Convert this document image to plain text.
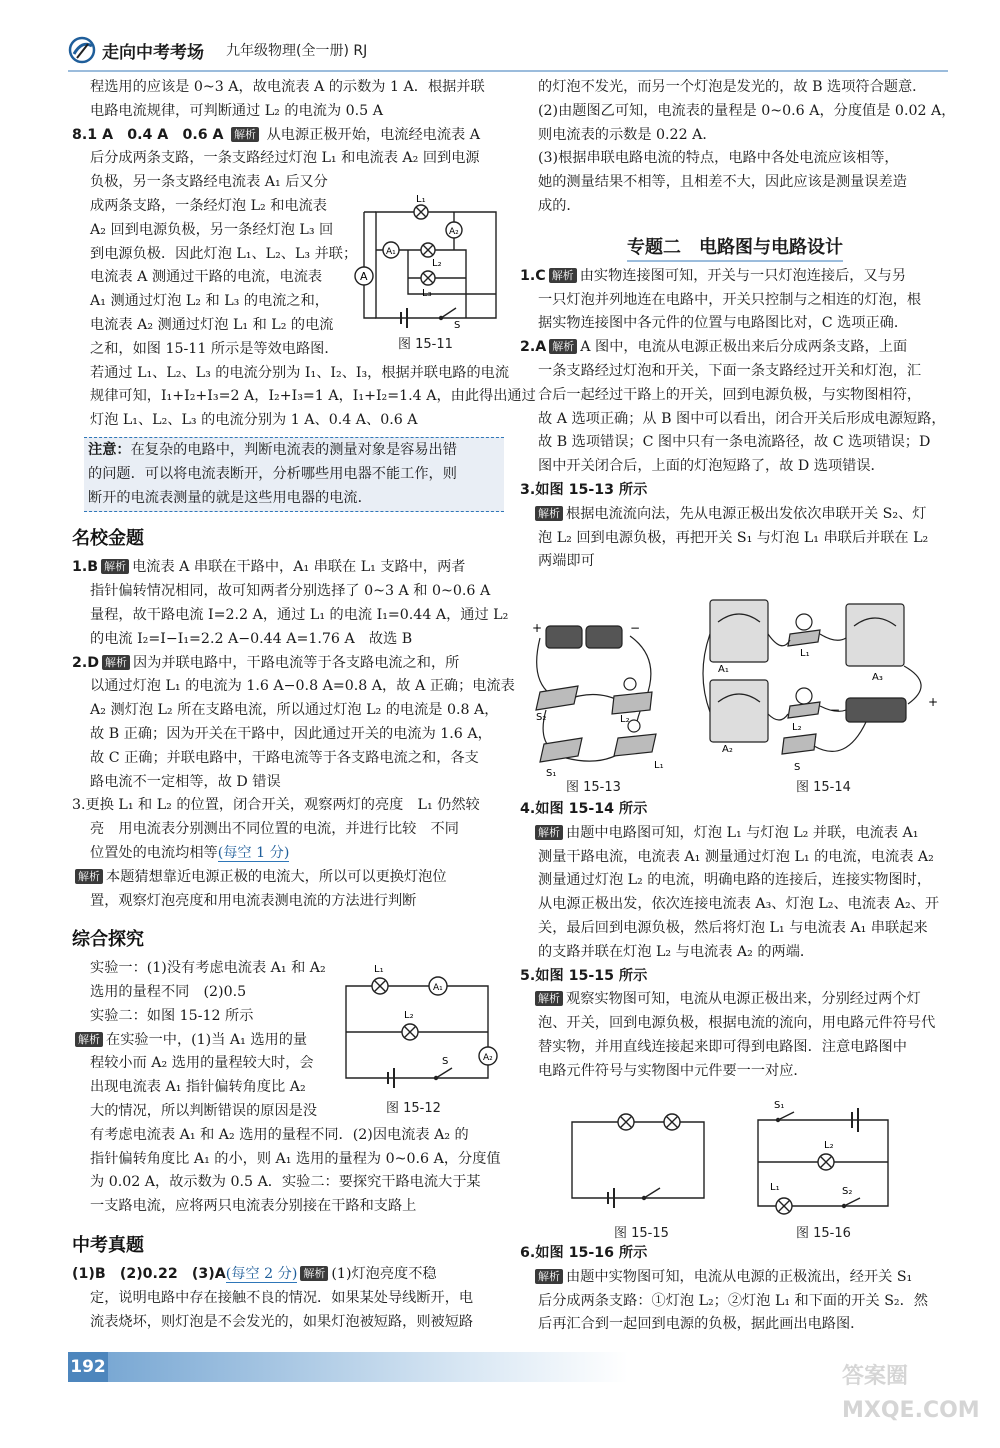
走向中考考场 九年级物理(全一册) RJ

程选用的应该是 0~3 A，故电流表 A 的示数为 1 A．根据并联

电路电流规律，可判断通过 L₂ 的电流为 0.5 A

8.1 A　0.4 A　0.6 A 解析 从电源正极开始，电流经电流表 A

后分成两条支路，一条支路经过灯泡 L₁ 和电流表 A₂ 回到电源

负极，另一条支路经电流表 A₁ 后又分

成两条支路，一条经灯泡 L₂ 和电流表

A₂ 回到电源负极，另一条经灯泡 L₃ 回

到电源负极．因此灯泡 L₁、L₂、L₃ 并联；

电流表 A 测通过干路的电流，电流表

A₁ 测通过灯泡 L₂ 和 L₃ 的电流之和，

电流表 A₂ 测通过灯泡 L₁ 和 L₂ 的电流

之和，如图 15-11 所示是等效电路图．

若通过 L₁、L₂、L₃ 的电流分别为 I₁、I₂、I₃，根据并联电路的电流

规律可知，I₁+I₂+I₃=2 A，I₂+I₃=1 A，I₁+I₂=1.4 A，由此得出通过

灯泡 L₁、L₂、L₃ 的电流分别为 1 A、0.4 A、0.6 A

注意：在复杂的电路中，判断电流表的测量对象是容易出错

的问题．可以将电流表断开，分析哪些用电器不能工作，则

断开的电流表测量的就是这些用电器的电流．

名校金题

1.B 解析 电流表 A 串联在干路中，A₁ 串联在 L₁ 支路中，两者

指针偏转情况相同，故可知两者分别选择了 0~3 A 和 0~0.6 A

量程，故干路电流 I=2.2 A，通过 L₁ 的电流 I₁=0.44 A，通过 L₂

的电流 I₂=I−I₁=2.2 A−0.44 A=1.76 A　故选 B

2.D 解析 因为并联电路中，干路电流等于各支路电流之和，所

以通过灯泡 L₁ 的电流为 1.6 A−0.8 A=0.8 A，故 A 正确；电流表

A₂ 测灯泡 L₂ 所在支路电流，所以通过灯泡 L₂ 的电流是 0.8 A，

故 B 正确；因为开关在干路中，因此通过开关的电流为 1.6 A，

故 C 正确；并联电路中，干路电流等于各支路电流之和，各支

路电流不一定相等，故 D 错误

3.更换 L₁ 和 L₂ 的位置，闭合开关，观察两灯的亮度　L₁ 仍然较

亮　用电流表分别测出不同位置的电流，并进行比较　不同

位置处的电流均相等(每空 1 分)

解析 本题猜想靠近电源正极的电流大，所以可以更换灯泡位

置，观察灯泡亮度和用电流表测电流的方法进行判断

综合探究

实验一：(1)没有考虑电流表 A₁ 和 A₂

选用的量程不同　(2)0.5

实验二：如图 15-12 所示

解析 在实验一中，(1)当 A₁ 选用的量

程较小而 A₂ 选用的量程较大时，会

出现电流表 A₁ 指针偏转角度比 A₂

大的情况，所以判断错误的原因是没

有考虑电流表 A₁ 和 A₂ 选用的量程不同．(2)因电流表 A₂ 的

指针偏转角度比 A₁ 的小，则 A₁ 选用的量程为 0~0.6 A，分度值

为 0.02 A，故示数为 0.5 A．实验二：要探究干路电流大于某

一支路电流，应将两只电流表分别接在干路和支路上

中考真题

(1)B　(2)0.22　(3)A(每空 2 分) 解析 (1)灯泡亮度不稳

定，说明电路中存在接触不良的情况．如果某处导线断开，电

流表烧坏，则灯泡是不会发光的，如果灯泡被短路，则被短路

L₁
L₂
L₃
A₁
A₂
A
S
图 15-11
L₁
L₂
A₁
A₂
S
图 15-12

的灯泡不发光，而另一个灯泡是发光的，故 B 选项符合题意．

(2)由题图乙可知，电流表的量程是 0~0.6 A，分度值是 0.02 A，

则电流表的示数是 0.22 A．

(3)根据串联电路电流的特点，电路中各处电流应该相等，

她的测量结果不相等，且相差不大，因此应该是测量误差造

成的．

专题二　电路图与电路设计

1.C 解析 由实物连接图可知，开关与一只灯泡连接后，又与另

一只灯泡并列地连在电路中，开关只控制与之相连的灯泡，根

据实物连接图中各元件的位置与电路图比对，C 选项正确．

2.A 解析 A 图中，电流从电源正极出来后分成两条支路，上面

一条支路经过灯泡和开关，下面一条支路经过开关和灯泡，汇

合后一起经过干路上的开关，回到电源负极，与实物图相符，

故 A 选项正确；从 B 图中可以看出，闭合开关后形成电源短路，

故 B 选项错误；C 图中只有一条电流路径，故 C 选项错误；D

图中开关闭合后，上面的灯泡短路了，故 D 选项错误．

3.如图 15-13 所示

解析 根据电流流向法，先从电源正极出发依次串联开关 S₂、灯

泡 L₂ 回到电源负极，再把开关 S₁ 与灯泡 L₁ 串联后并联在 L₂

两端即可

+	−
S₂	L₂
S₁
L₁
图 15-13
A₁
A₃
A₂
L₁
L₂
S
−
+
图 15-14

4.如图 15-14 所示

解析 由题中电路图可知，灯泡 L₁ 与灯泡 L₂ 并联，电流表 A₁

测量干路电流，电流表 A₁ 测量通过灯泡 L₁ 的电流，电流表 A₂

测量通过灯泡 L₂ 的电流，明确电路的连接后，连接实物图时，

从电源正极出发，依次连接电流表 A₃、灯泡 L₂、电流表 A₂、开

关，最后回到电源负极，然后将灯泡 L₁ 与电流表 A₁ 串联起来

的支路并联在灯泡 L₂ 与电流表 A₂ 的两端．

5.如图 15-15 所示

解析 观察实物图可知，电流从电源正极出来，分别经过两个灯

泡、开关，回到电源负极，根据电流的流向，用电路元件符号代

替实物，并用直线连接起来即可得到电路图．注意电路图中

电路元件符号与实物图中元件要一一对应．

图 15-15
S₁
L₂
L₁	S₂
图 15-16

6.如图 15-16 所示

解析 由题中实物图可知，电流从电源的正极流出，经开关 S₁

后分成两条支路：①灯泡 L₂；②灯泡 L₁ 和下面的开关 S₂．然

后再汇合到一起回到电源的负极，据此画出电路图．

192	答案圈 MXQE.COM
